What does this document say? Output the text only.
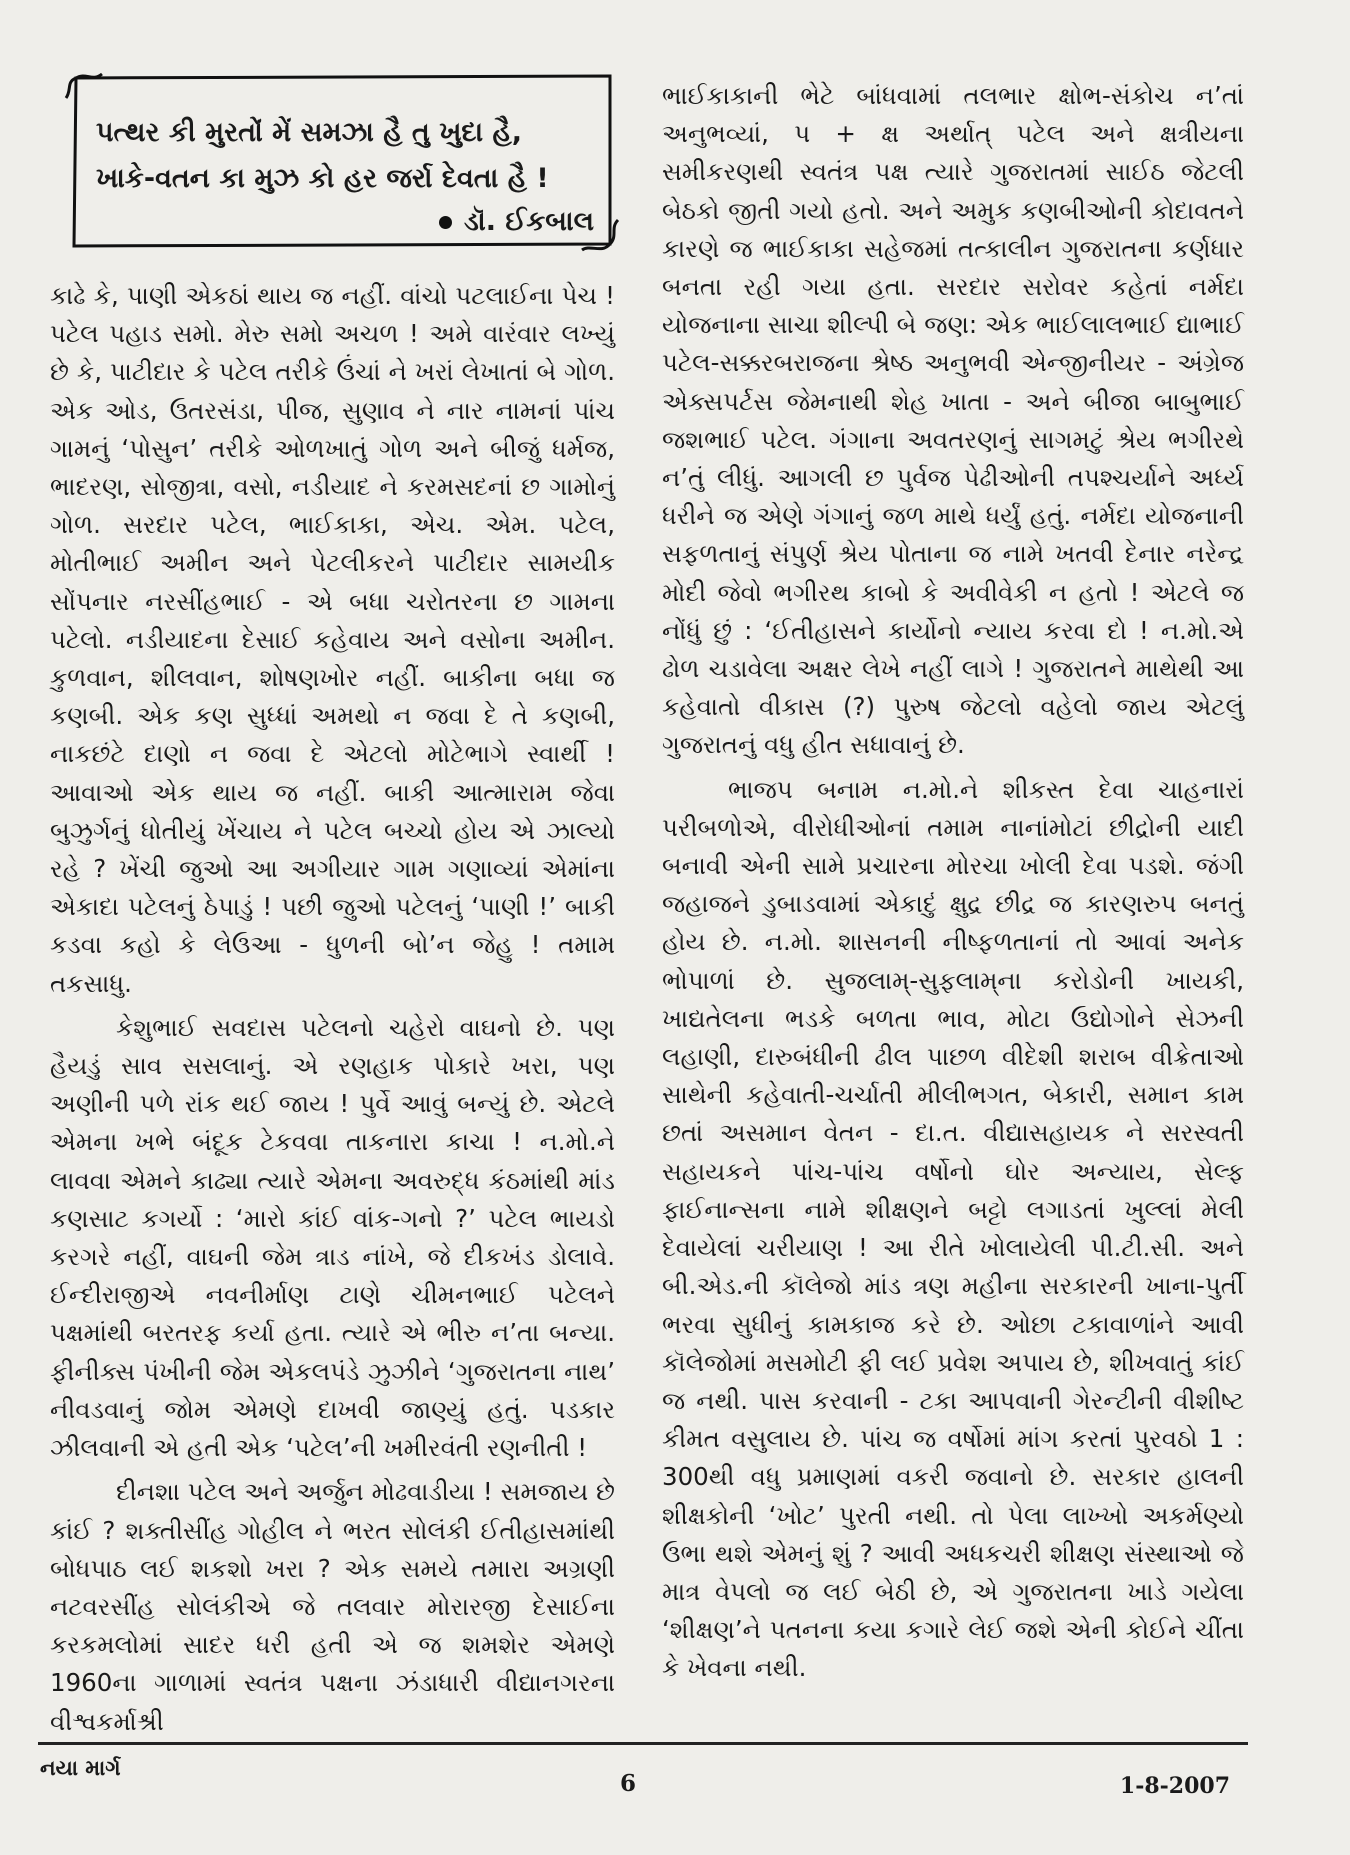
પત્થર કી મુરતોં મેં સમઝા હૈ તુ ખુદા હૈ,
ખાકે-વતન કા મુઝ કો હર જર્રા દેવતા હૈ !
ડૉ. ઈકબાલ

કાઢે કે, પાણી એકઠાં થાય જ નહીં. વાંચો પટલાઈના પેચ ! પટેલ પહાડ સમો. મેરુ સમો અચળ ! અમે વારંવાર લખ્યું છે કે, પાટીદાર કે પટેલ તરીકે ઉંચાં ને ખરાં લેખાતાં બે ગોળ. એક ઓડ, ઉતરસંડા, પીજ, સુણાવ ને નાર નામનાં પાંચ ગામનું ‘પોસુન’ તરીકે ઓળખાતું ગોળ અને બીજું ધર્મજ, ભાદરણ, સોજીત્રા, વસો, નડીયાદ ને કરમસદનાં છ ગામોનું ગોળ. સરદાર પટેલ, ભાઈકાકા, એચ. એમ. પટેલ, મોતીભાઈ અમીન અને પેટલીકરને પાટીદાર સામયીક સોંપનાર નરસીંહભાઈ - એ બધા ચરોતરના છ ગામના પટેલો. નડીયાદના દેસાઈ કહેવાય અને વસોના અમીન. કુળવાન, શીલવાન, શોષણખોર નહીં. બાકીના બધા જ કણબી. એક કણ સુધ્ધાં અમથો ન જવા દે તે કણબી, નાકછંટે દાણો ન જવા દે એટલો મોટેભાગે સ્વાર્થી ! આવાઓ એક થાય જ નહીં. બાકી આત્મારામ જેવા બુઝુર્ગનું ધોતીયું ખેંચાય ને પટેલ બચ્ચો હોય એ ઝાલ્યો રહે ? ખેંચી જુઓ આ અગીયાર ગામ ગણાવ્યાં એમાંના એકાદા પટેલનું ઠેપાડું ! પછી જુઓ પટેલનું ‘પાણી !’ બાકી કડવા કહો કે લેઉઆ - ધુળની બો’ન જેહુ ! તમામ તકસાધુ.

કેશુભાઈ સવદાસ પટેલનો ચહેરો વાઘનો છે. પણ હૈયડું સાવ સસલાનું. એ રણહાક પોકારે ખરા, પણ અણીની પળે રાંક થઈ જાય ! પુર્વે આવું બન્યું છે. એટલે એમના ખભે બંદૂક ટેકવવા તાકનારા કાચા ! ન.મો.ને લાવવા એમને કાઢ્યા ત્યારે એમના અવરુદ્ધ કંઠમાંથી માંડ કણસાટ કગર્યો : ‘મારો કાંઈ વાંક-ગનો ?’ પટેલ ભાયડો કરગરે નહીં, વાઘની જેમ ત્રાડ નાંખે, જે દીકખંડ ડોલાવે. ઈન્દીરાજીએ નવનીર્માણ ટાણે ચીમનભાઈ પટેલને પક્ષમાંથી બરતરફ કર્યા હતા. ત્યારે એ ભીરુ ન’તા બન્યા. ફીનીક્સ પંખીની જેમ એકલપંડે ઝુઝીને ‘ગુજરાતના નાથ’ નીવડવાનું જોમ એમણે દાખવી જાણ્યું હતું. પડકાર ઝીલવાની એ હતી એક ‘પટેલ’ની ખમીરવંતી રણનીતી !

દીનશા પટેલ અને અર્જુન મોઢવાડીયા ! સમજાય છે કાંઈ ? શક્તીસીંહ ગોહીલ ને ભરત સોલંકી ઈતીહાસમાંથી બોધપાઠ લઈ શકશો ખરા ? એક સમયે તમારા અગ્રણી નટવરસીંહ સોલંકીએ જે તલવાર મોરારજી દેસાઈના કરકમલોમાં સાદર ધરી હતી એ જ શમશેર એમણે 1960ના ગાળામાં સ્વતંત્ર પક્ષના ઝંડાધારી વીદ્યાનગરના વીશ્વકર્માશ્રી

ભાઈકાકાની ભેટે બાંધવામાં તલભાર ક્ષોભ-સંકોચ ન’તાં અનુભવ્યાં, પ + ક્ષ અર્થાત્ પટેલ અને ક્ષત્રીયના સમીકરણથી સ્વતંત્ર પક્ષ ત્યારે ગુજરાતમાં સાઈઠ જેટલી બેઠકો જીતી ગયો હતો. અને અમુક કણબીઓની કોદાવતને કારણે જ ભાઈકાકા સહેજમાં તત્કાલીન ગુજરાતના કર્ણધાર બનતા રહી ગયા હતા. સરદાર સરોવર કહેતાં નર્મદા યોજનાના સાચા શીલ્પી બે જણ: એક ભાઈલાલભાઈ દ્યાભાઈ પટેલ-સક્કરબરાજના શ્રેષ્ઠ અનુભવી એન્જીનીયર - અંગ્રેજ એક્સપર્ટસ જેમનાથી શેહ ખાતા - અને બીજા બાબુભાઈ જશભાઈ પટેલ. ગંગાના અવતરણનું સાગમટું શ્રેય ભગીરથે ન’તું લીધું. આગલી છ પુર્વજ પેઢીઓની તપશ્ચર્યાને અર્ધ્ય ધરીને જ એણે ગંગાનું જળ માથે ધર્યું હતું. નર્મદા યોજનાની સફળતાનું સંપુર્ણ શ્રેય પોતાના જ નામે ખતવી દેનાર નરેન્દ્ર મોદી જેવો ભગીરથ કાબો કે અવીવેકી ન હતો ! એટલે જ નોંધું છું : ‘ઈતીહાસને કાર્યોનો ન્યાય કરવા દો ! ન.મો.એ ઢોળ ચડાવેલા અક્ષર લેખે નહીં લાગે ! ગુજરાતને માથેથી આ કહેવાતો વીકાસ (?) પુરુષ જેટલો વહેલો જાય એટલું ગુજરાતનું વધુ હીત સધાવાનું છે.

ભાજપ બનામ ન.મો.ને શીકસ્ત દેવા ચાહનારાં પરીબળોએ, વીરોધીઓનાં તમામ નાનાંમોટાં છીદ્રોની યાદી બનાવી એની સામે પ્રચારના મોરચા ખોલી દેવા પડશે. જંગી જહાજને ડુબાડવામાં એકાદું ક્ષુદ્ર છીદ્ર જ કારણરુપ બનતું હોય છે. ન.મો. શાસનની નીષ્ફળતાનાં તો આવાં અનેક ભોપાળાં છે. સુજલામ્-સુફલામ્‌ના કરોડોની ખાયકી, ખાદ્યતેલના ભડકે બળતા ભાવ, મોટા ઉદ્યોગોને સેઝની લહાણી, દારુબંધીની ઢીલ પાછળ વીદેશી શરાબ વીક્રેતાઓ સાથેની કહેવાતી-ચર્ચાતી મીલીભગત, બેકારી, સમાન કામ છતાં અસમાન વેતન - દા.ત. વીદ્યાસહાયક ને સરસ્વતી સહાયકને પાંચ-પાંચ વર્ષોનો ઘોર અન્યાય, સેલ્ફ ફાઈનાન્સના નામે શીક્ષણને બટ્ટો લગાડતાં ખુલ્લાં મેલી દેવાયેલાં ચરીયાણ ! આ રીતે ખોલાયેલી પી.ટી.સી. અને બી.એડ.ની કૉલેજો માંડ ત્રણ મહીના સરકારની ખાના-પુર્તી ભરવા સુધીનું કામકાજ કરે છે. ઓછા ટકાવાળાંને આવી કૉલેજોમાં મસમોટી ફી લઈ પ્રવેશ અપાય છે, શીખવાતું કાંઈ જ નથી. પાસ કરવાની - ટકા આપવાની ગેરન્ટીની વીશીષ્ટ કીમત વસુલાય છે. પાંચ જ વર્ષોમાં માંગ કરતાં પુરવઠો 1 : 300થી વધુ પ્રમાણમાં વકરી જવાનો છે. સરકાર હાલની શીક્ષકોની ‘ખોટ’ પુરતી નથી. તો પેલા લાખ્ખો અકર્મણ્યો ઉભા થશે એમનું શું ? આવી અધકચરી શીક્ષણ સંસ્થાઓ જે માત્ર વેપલો જ લઈ બેઠી છે, એ ગુજરાતના ખાડે ગયેલા ‘શીક્ષણ’ને પતનના કયા કગારે લેઈ જશે એની કોઈને ચીંતા કે ખેવના નથી.

નયા માર્ગ
6	1-8-2007
